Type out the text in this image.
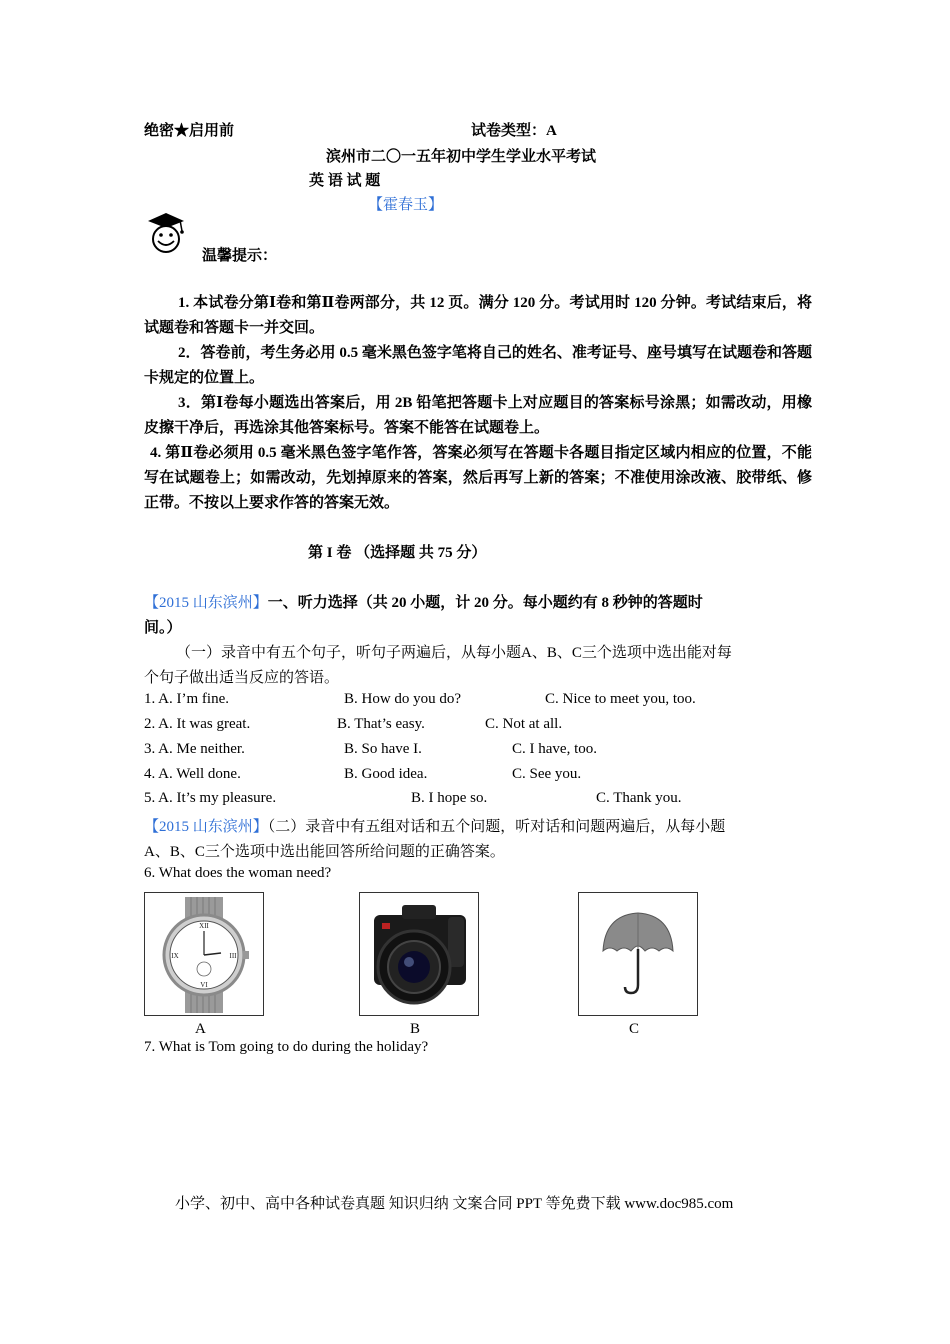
绝密★启用前	试卷类型：A
滨州市二〇一五年初中学生学业水平考试
英 语 试 题
【霍春玉】
温馨提示：
1. 本试卷分第Ⅰ卷和第Ⅱ卷两部分，共 12 页。满分 120 分。考试用时 120 分钟。考试结束后，将试题卷和答题卡一并交回。
2．答卷前，考生务必用 0.5 毫米黑色签字笔将自己的姓名、准考证号、座号填写在试题卷和答题卡规定的位置上。
3．第Ⅰ卷每小题选出答案后，用 2B 铅笔把答题卡上对应题目的答案标号涂黑；如需改动，用橡皮擦干净后，再选涂其他答案标号。答案不能答在试题卷上。
4. 第Ⅱ卷必须用 0.5 毫米黑色签字笔作答，答案必须写在答题卡各题目指定区域内相应的位置，不能写在试题卷上；如需改动，先划掉原来的答案，然后再写上新的答案；不准使用涂改液、胶带纸、修正带。不按以上要求作答的答案无效。
第 I 卷 （选择题 共 75 分）
【2015 山东滨州】一、听力选择（共 20 小题，计 20 分。每小题约有 8 秒钟的答题时
间。）
（一）录音中有五个句子，听句子两遍后，从每小题A、B、C三个选项中选出能对每
个句子做出适当反应的答语。
1. A. I’m fine.	B. How do you do?	C. Nice to meet you, too.
2. A. It was great.	B. That’s easy.	C. Not at all.
3. A. Me neither.	B. So have I.	C. I have, too.
4. A. Well done.	B. Good idea.	C. See you.
5. A. It’s my pleasure.	B. I hope so.	C. Thank you.
【2015 山东滨州】（二）录音中有五组对话和五个问题，听对话和问题两遍后，从每小题
A、B、C三个选项中选出能回答所给问题的正确答案。
6. What does the woman need?
XII
III
VI
IX
A	B	C
7. What is Tom going to do during the holiday?
小学、初中、高中各种试卷真题 知识归纳 文案合同 PPT 等免费下载 www.doc985.com
